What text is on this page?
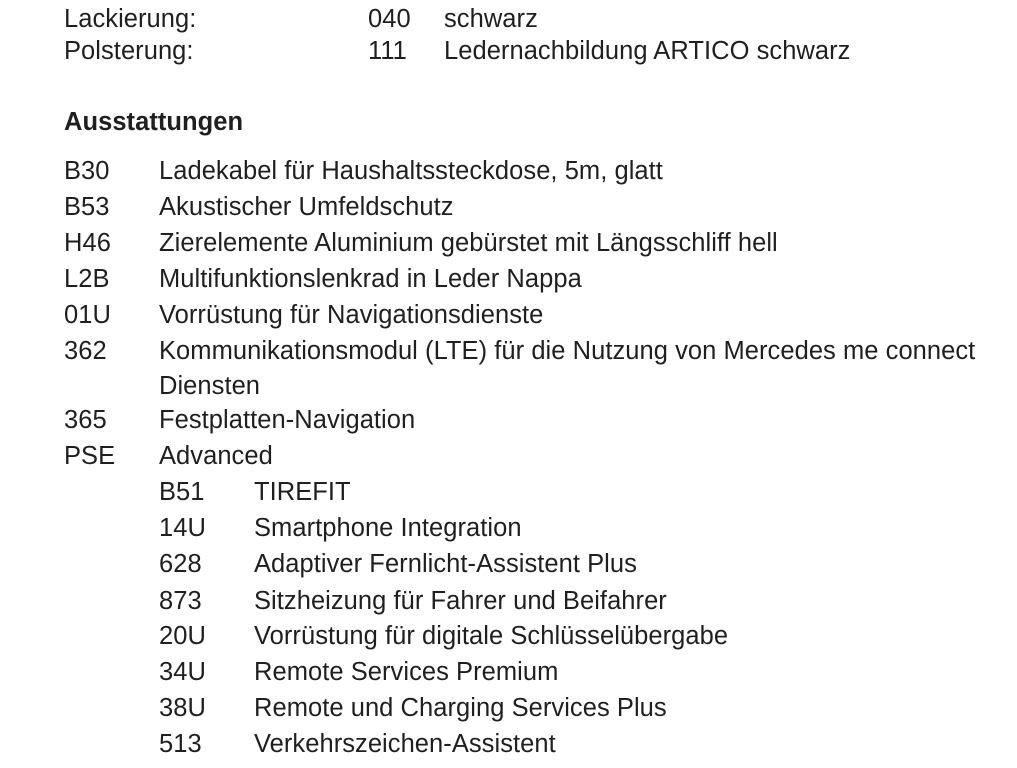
Lackierung:	040 schwarz
Polsterung:	111 Ledernachbildung ARTICO schwarz
Ausstattungen
B30 Ladekabel für Haushaltssteckdose, 5m, glatt
B53 Akustischer Umfeldschutz
H46 Zierelemente Aluminium gebürstet mit Längsschliff hell
L2B Multifunktionslenkrad in Leder Nappa
01U Vorrüstung für Navigationsdienste
362 Kommunikationsmodul (LTE) für die Nutzung von Mercedes me connect
Diensten
365 Festplatten-Navigation
PSE Advanced
B51 TIREFIT
14U Smartphone Integration
628 Adaptiver Fernlicht-Assistent Plus
873 Sitzheizung für Fahrer und Beifahrer
20U Vorrüstung für digitale Schlüsselübergabe
34U Remote Services Premium
38U Remote und Charging Services Plus
513 Verkehrszeichen-Assistent
